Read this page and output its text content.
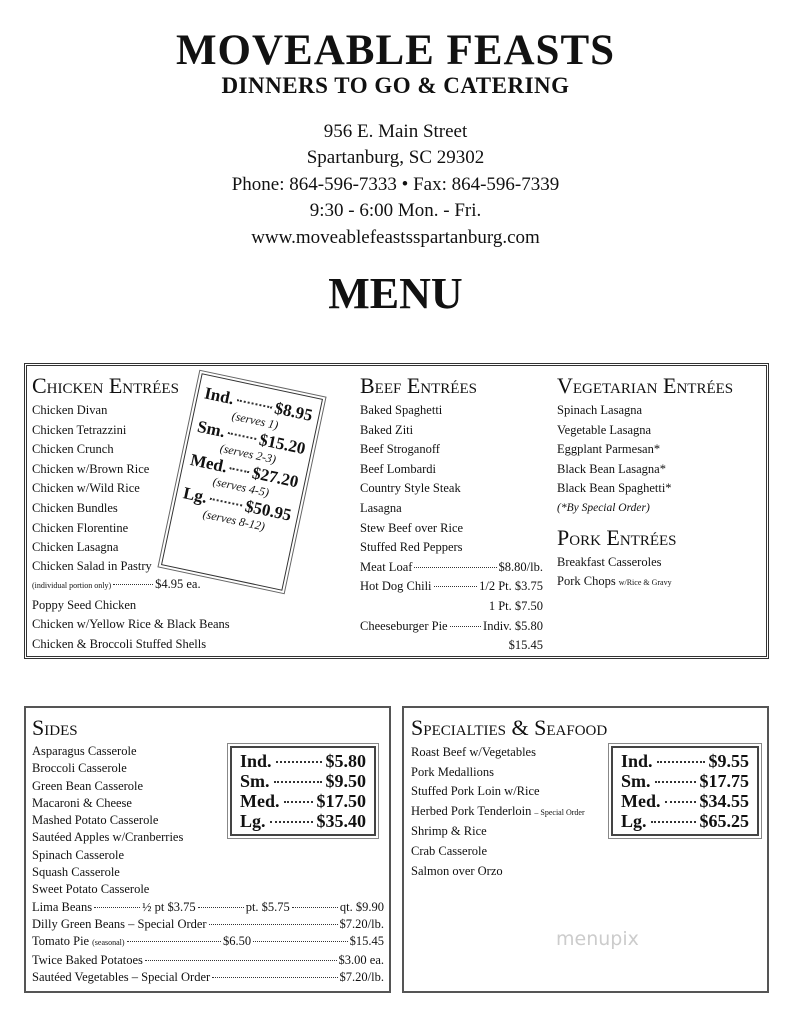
MOVEABLE FEASTS
DINNERS TO GO & CATERING
956 E. Main Street
Spartanburg, SC 29302
Phone: 864-596-7333 • Fax: 864-596-7339
9:30 - 6:00 Mon. - Fri.
www.moveablefeastsspartanburg.com
MENU
Chicken Entrées
Chicken Divan
Chicken Tetrazzini
Chicken Crunch
Chicken w/Brown Rice
Chicken w/Wild Rice
Chicken Bundles
Chicken Florentine
Chicken Lasagna
Chicken Salad in Pastry
(individual portion only)	$4.95 ea.
Poppy Seed Chicken
Chicken w/Yellow Rice & Black Beans
Chicken & Broccoli Stuffed Shells
Ind.
$8.95
(serves 1)
Sm.
$15.20
(serves 2-3)
Med. $27.20
(serves 4-5)
Lg.
$50.95
(serves 8-12)
Beef Entrées
Baked Spaghetti
Baked Ziti
Beef Stroganoff
Beef Lombardi
Country Style Steak
Lasagna
Stew Beef over Rice
Stuffed Red Peppers
Meat Loaf	$8.80/lb.
Hot Dog Chili	1/2 Pt. $3.75
1 Pt. $7.50
Cheeseburger Pie	Indiv. $5.80
$15.45
Vegetarian Entrées
Spinach Lasagna
Vegetable Lasagna
Eggplant Parmesan*
Black Bean Lasagna*
Black Bean Spaghetti*
(*By Special Order)
Pork Entrées
Breakfast Casseroles
Pork Chops w/Rice & Gravy
Sides
Asparagus Casserole
Broccoli Casserole
Green Bean Casserole
Macaroni & Cheese
Mashed Potato Casserole
Sautéed Apples w/Cranberries
Spinach Casserole
Squash Casserole
Sweet Potato Casserole
Lima Beans	½ pt $3.75	pt. $5.75	qt. $9.90
Dilly Green Beans – Special Order	$7.20/lb.
Tomato Pie (seasonal)	$6.50	$15.45
Twice Baked Potatoes	$3.00 ea.
Sautéed Vegetables – Special Order	$7.20/lb.
Ind.	$5.80
Sm.	$9.50
Med. $17.50
Lg.	$35.40
Specialties & Seafood
Roast Beef w/Vegetables
Pork Medallions
Stuffed Pork Loin w/Rice
Herbed Pork Tenderloin – Special Order
Shrimp & Rice
Crab Casserole
Salmon over Orzo
Ind.	$9.55
Sm.	$17.75
Med. $34.55
Lg.	$65.25
menupix
